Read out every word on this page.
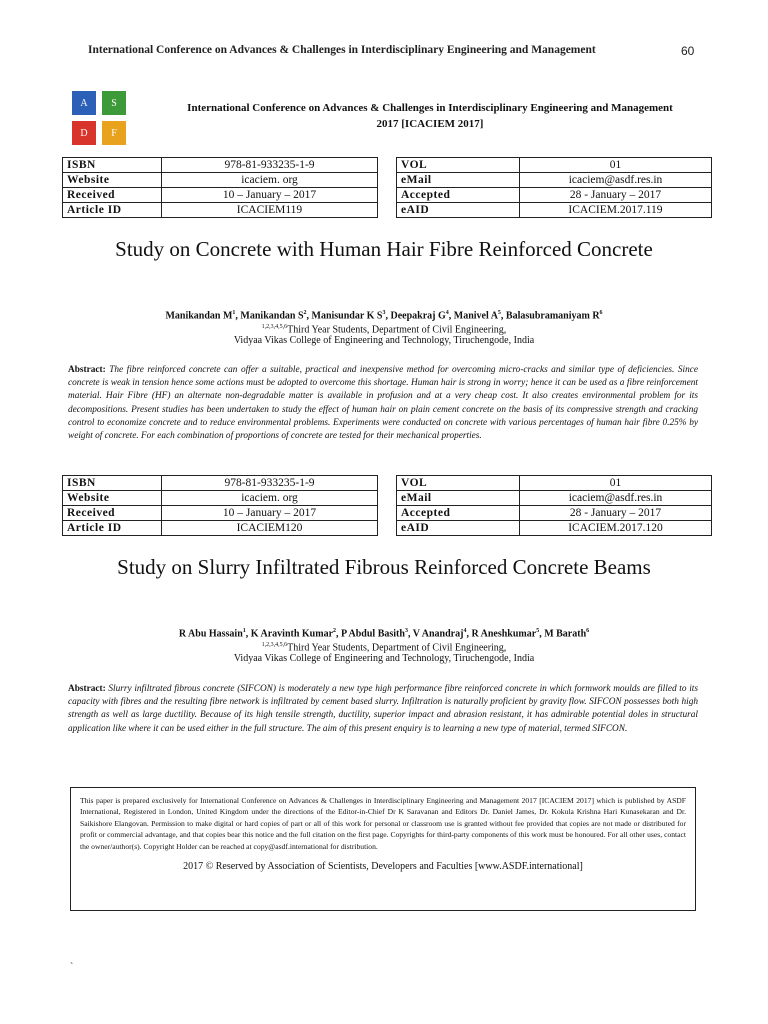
International Conference on Advances & Challenges in Interdisciplinary Engineering and Management	60
A	S
D	F
International Conference on Advances & Challenges in Interdisciplinary Engineering and Management 2017 [ICACIEM 2017]
ISBN	978-81-933235-1-9
Website	icaciem. org
Received	10 – January – 2017
Article ID	ICACIEM119
VOL	01
eMail	icaciem@asdf.res.in
Accepted	28 - January – 2017
eAID	ICACIEM.2017.119
Study on Concrete with Human Hair Fibre Reinforced Concrete
Manikandan $M^1$, Manikandan $S^2$, Manisundar K $S^3$, Deepakraj $G^4$, Manivel $A^5$, Balasubramaniyam $R^6$
$^{1,2,3,4,5,6}$Third Year Students, Department of Civil Engineering,
Vidyaa Vikas College of Engineering and Technology, Tiruchengode, India
Abstract: The fibre reinforced concrete can offer a suitable, practical and inexpensive method for overcoming micro-cracks and similar type of deficiencies. Since concrete is weak in tension hence some actions must be adopted to overcome this shortage. Human hair is strong in worry; hence it can be used as a fibre reinforcement material. Hair Fibre (HF) an alternate non-degradable matter is available in profusion and at a very cheap cost. It also creates environmental problem for its decompositions. Present studies has been undertaken to study the effect of human hair on plain cement concrete on the basis of its compressive strength and cracking control to economize concrete and to reduce environmental problems. Experiments were conducted on concrete with various percentages of human hair fibre 0.25% by weight of concrete. For each combination of proportions of concrete are tested for their mechanical properties.
ISBN	978-81-933235-1-9
Website	icaciem. org
Received	10 – January – 2017
Article ID	ICACIEM120
VOL	01
eMail	icaciem@asdf.res.in
Accepted	28 - January – 2017
eAID	ICACIEM.2017.120
Study on Slurry Infiltrated Fibrous Reinforced Concrete Beams
R Abu Hassain$^1$, K Aravinth Kumar$^2$, P Abdul Basith$^3$, V Anandraj$^4$, R Aneshkumar$^5$, M Barath$^6$
$^{1,2,3,4,5,6}$Third Year Students, Department of Civil Engineering,
Vidyaa Vikas College of Engineering and Technology, Tiruchengode, India
Abstract: Slurry infiltrated fibrous concrete (SIFCON) is moderately a new type high performance fibre reinforced concrete in which formwork moulds are filled to its capacity with fibres and the resulting fibre network is infiltrated by cement based slurry. Infiltration is naturally proficient by gravity flow. SIFCON possesses both high strength as well as large ductility. Because of its high tensile strength, ductility, superior impact and abrasion resistant, it has admirable potential doles in structural application like where it can be used either in the full structure. The aim of this present enquiry is to learning a new type of material, termed SIFCON.

This paper is prepared exclusively for International Conference on Advances & Challenges in Interdisciplinary Engineering and Management 2017 [ICACIEM 2017] which is published by ASDF International, Registered in London, United Kingdom under the directions of the Editor-in-Chief Dr K Saravanan and Editors Dr. Daniel James, Dr. Kokula Krishna Hari Kunasekaran and Dr. Saikishore Elangovan. Permission to make digital or hard copies of part or all of this work for personal or classroom use is granted without fee provided that copies are not made or distributed for profit or commercial advantage, and that copies bear this notice and the full citation on the first page. Copyrights for third-party components of this work must be honoured. For all other uses, contact the owner/author(s). Copyright Holder can be reached at copy@asdf.international for distribution.

2017 © Reserved by Association of Scientists, Developers and Faculties [www.ASDF.international]
`
